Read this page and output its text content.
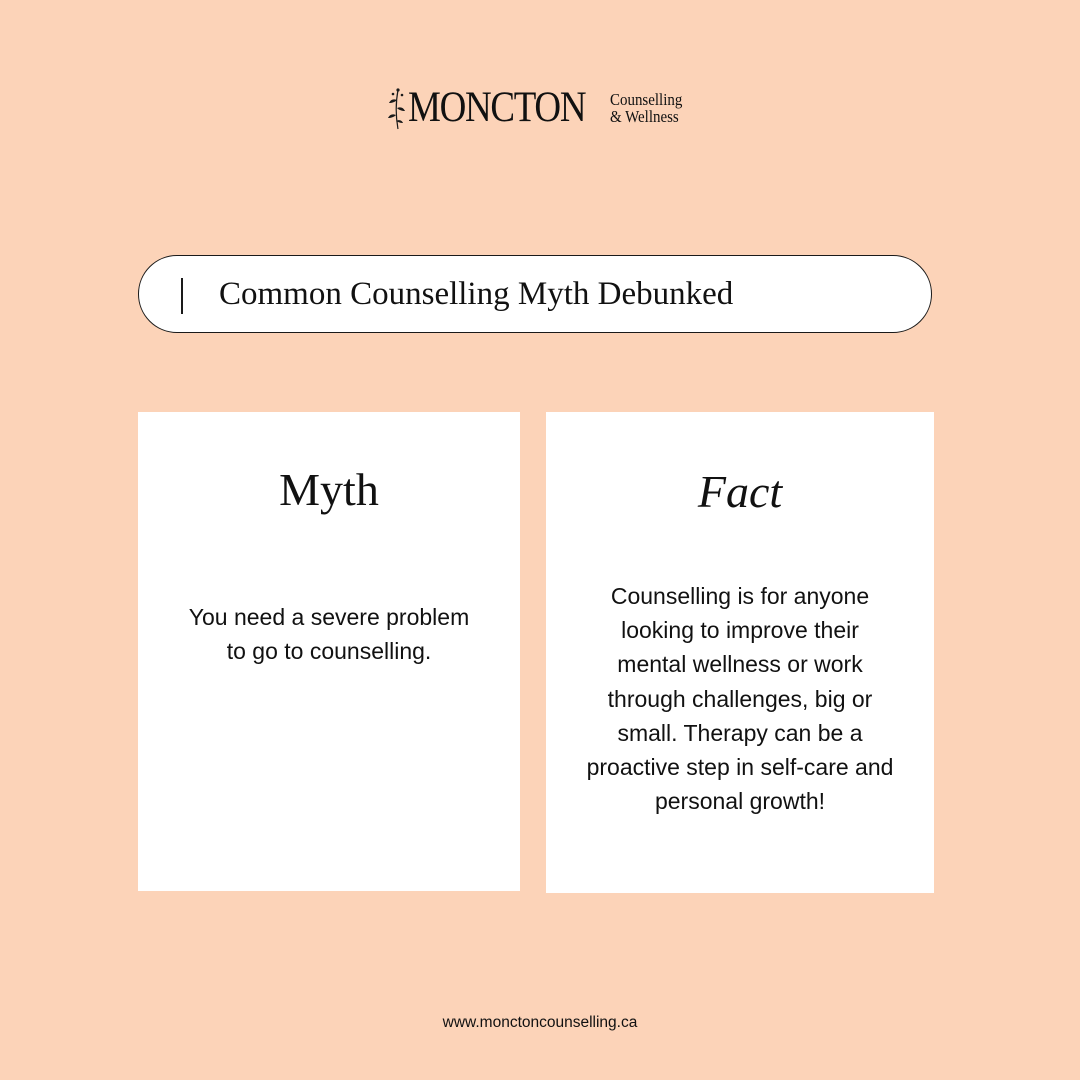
MONCTON Counselling
& Wellness
Common Counselling Myth Debunked
Myth
You need a severe problem to go to counselling.
Fact
Counselling is for anyone looking to improve their mental wellness or work through challenges, big or small. Therapy can be a proactive step in self-care and personal growth!
www.monctoncounselling.ca
